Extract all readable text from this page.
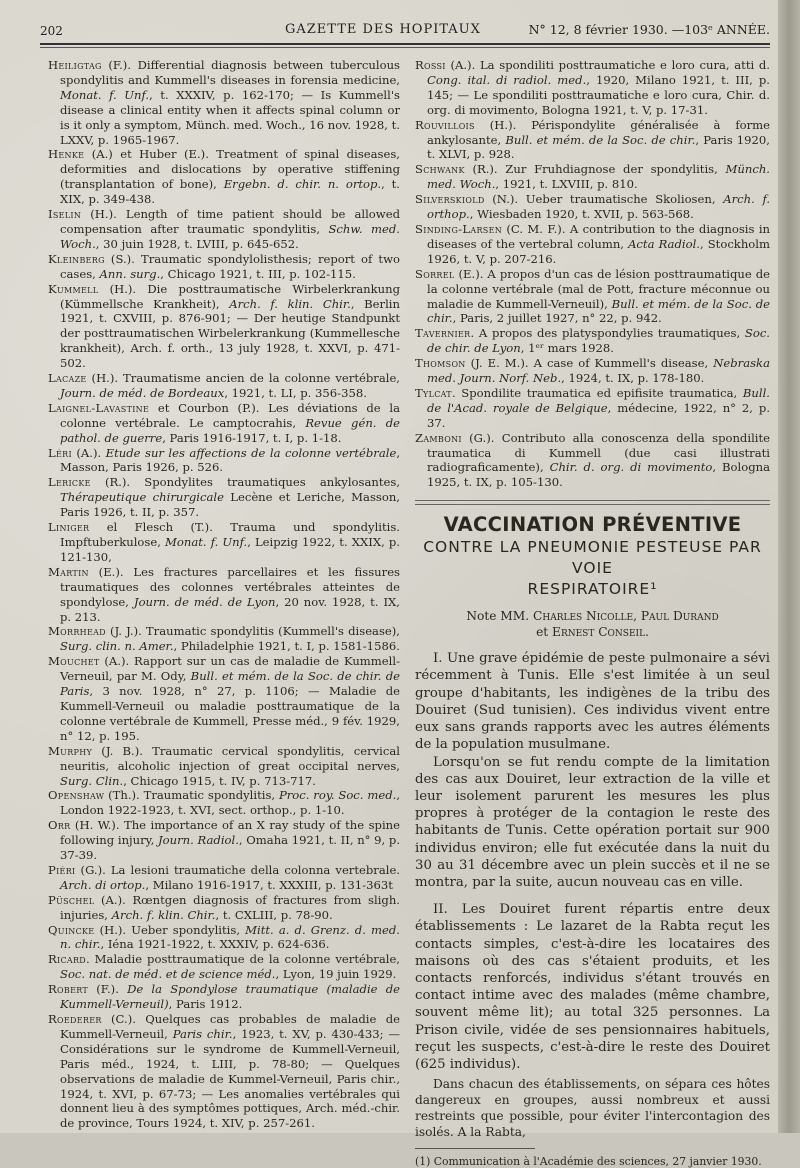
202	GAZETTE DES HOPITAUX	N° 12, 8 février 1930. —103ᵉ ANNÉE.

Heiligtag (F.). Differential diagnosis between tuberculous spondylitis and Kummell's diseases in forensia medicine, Monat. f. Unf., t. XXXIV, p. 162-170; — Is Kummell's disease a clinical entity when it affects spinal column or is it only a symptom, Münch. med. Woch., 16 nov. 1928, t. LXXV, p. 1965-1967.

Henke (A.) et Huber (E.). Treatment of spinal diseases, deformities and dislocations by operative stiffening (transplantation of bone), Ergebn. d. chir. n. ortop., t. XIX, p. 349-438.

Iselin (H.). Length of time patient should be allowed compensation after traumatic spondylitis, Schw. med. Woch., 30 juin 1928, t. LVIII, p. 645-652.

Kleinberg (S.). Traumatic spondylolisthesis; report of two cases, Ann. surg., Chicago 1921, t. III, p. 102-115.

Kummell (H.). Die posttraumatische Wirbelerkrankung (Kümmellsche Krankheit), Arch. f. klin. Chir., Berlin 1921, t. CXVIII, p. 876-901; — Der heutige Standpunkt der posttraumatischen Wirbelerkrankung (Kummellesche krankheit), Arch. f. orth., 13 july 1928, t. XXVI, p. 471-502.

Lacaze (H.). Traumatisme ancien de la colonne vertébrale, Journ. de méd. de Bordeaux, 1921, t. LI, p. 356-358.

Laignel-Lavastine et Courbon (P.). Les déviations de la colonne vertébrale. Le camptocrahis, Revue gén. de pathol. de guerre, Paris 1916-1917, t. I, p. 1-18.

Léri (A.). Etude sur les affections de la colonne vertébrale, Masson, Paris 1926, p. 526.

Lericke (R.). Spondylites traumatiques ankylosantes, Thérapeutique chirurgicale Lecène et Leriche, Masson, Paris 1926, t. II, p. 357.

Liniger el Flesch (T.). Trauma und spondylitis. Impftuberkulose, Monat. f. Unf., Leipzig 1922, t. XXIX, p. 121-130,

Martin (E.). Les fractures parcellaires et les fissures traumatiques des colonnes vertébrales atteintes de spondylose, Journ. de méd. de Lyon, 20 nov. 1928, t. IX, p. 213.

Morrhead (J. J.). Traumatic spondylitis (Kummell's disease), Surg. clin. n. Amer., Philadelphie 1921, t. I, p. 1581-1586.

Mouchet (A.). Rapport sur un cas de maladie de Kummell-Verneuil, par M. Ody, Bull. et mém. de la Soc. de chir. de Paris, 3 nov. 1928, n° 27, p. 1106; — Maladie de Kummell-Verneuil ou maladie posttraumatique de la colonne vertébrale de Kummell, Presse méd., 9 fév. 1929, n° 12, p. 195.

Murphy (J. B.). Traumatic cervical spondylitis, cervical neuritis, alcoholic injection of great occipital nerves, Surg. Clin., Chicago 1915, t. IV, p. 713-717.

Openshaw (Th.). Traumatic spondylitis, Proc. roy. Soc. med., London 1922-1923, t. XVI, sect. orthop., p. 1-10.

Orr (H. W.). The importance of an X ray study of the spine following injury, Journ. Radiol., Omaha 1921, t. II, n° 9, p. 37-39.

Piéri (G.). La lesioni traumatiche della colonna vertebrale. Arch. di ortop., Milano 1916-1917, t. XXXIII, p. 131-363t

Püschel (A.). Rœntgen diagnosis of fractures from sligh. injuries, Arch. f. klin. Chir., t. CXLIII, p. 78-90.

Quincke (H.). Ueber spondylitis, Mitt. a. d. Grenz. d. med. n. chir., Iéna 1921-1922, t. XXXIV, p. 624-636.

Ricard. Maladie posttraumatique de la colonne vertébrale, Soc. nat. de méd. et de science méd., Lyon, 19 juin 1929.

Robert (F.). De la Spondylose traumatique (maladie de Kummell-Verneuil), Paris 1912.

Roederer (C.). Quelques cas probables de maladie de Kummell-Verneuil, Paris chir., 1923, t. XV, p. 430-433; — Considérations sur le syndrome de Kummell-Verneuil, Paris méd., 1924, t. LIII, p. 78-80; — Quelques observations de maladie de Kummel-Verneuil, Paris chir., 1924, t. XVI, p. 67-73; — Les anomalies vertébrales qui donnent lieu à des symptômes pottiques, Arch. méd.-chir. de province, Tours 1924, t. XIV, p. 257-261.

Rossi (A.). La spondiliti posttraumatiche e loro cura, atti d. Cong. ital. di radiol. med., 1920, Milano 1921, t. III, p. 145; — Le spondiliti posttraumatiche e loro cura, Chir. d. org. di movimento, Bologna 1921, t. V, p. 17-31.

Rouvillois (H.). Périspondylite généralisée à forme ankylosante, Bull. et mém. de la Soc. de chir., Paris 1920, t. XLVI, p. 928.

Schwank (R.). Zur Fruhdiagnose der spondylitis, Münch. med. Woch., 1921, t. LXVIII, p. 810.

Silverskiold (N.). Ueber traumatische Skoliosen, Arch. f. orthop., Wiesbaden 1920, t. XVII, p. 563-568.

Sinding-Larsen (C. M. F.). A contribution to the diagnosis in diseases of the vertebral column, Acta Radiol., Stockholm 1926, t. V, p. 207-216.

Sorrel (E.). A propos d'un cas de lésion posttraumatique de la colonne vertébrale (mal de Pott, fracture méconnue ou maladie de Kummell-Verneuil), Bull. et mém. de la Soc. de chir., Paris, 2 juillet 1927, n° 22, p. 942.

Tavernier. A propos des platyspondylies traumatiques, Soc. de chir. de Lyon, 1ᵉʳ mars 1928.

Thomson (J. E. M.). A case of Kummell's disease, Nebraska med. Journ. Norf. Neb., 1924, t. IX, p. 178-180.

Tylcat. Spondilite traumatica ed epifisite traumatica, Bull. de l'Acad. royale de Belgique, médecine, 1922, n° 2, p. 37.

Zamboni (G.). Contributo alla conoscenza della spondilite traumatica di Kummell (due casi illustrati radiograficamente), Chir. d. org. di movimento, Bologna 1925, t. IX, p. 105-130.

VACCINATION PRÉVENTIVE
CONTRE LA PNEUMONIE PESTEUSE PAR VOIE
RESPIRATOIRE¹
Note MM. Charles Nicolle, Paul Durand
et Ernest Conseil.

I. Une grave épidémie de peste pulmonaire a sévi récemment à Tunis. Elle s'est limitée à un seul groupe d'habitants, les indigènes de la tribu des Douiret (Sud tunisien). Ces individus vivent entre eux sans grands rapports avec les autres éléments de la population musulmane.

Lorsqu'on se fut rendu compte de la limitation des cas aux Douiret, leur extraction de la ville et leur isolement parurent les mesures les plus propres à protéger de la contagion le reste des habitants de Tunis. Cette opération portait sur 900 individus environ; elle fut exécutée dans la nuit du 30 au 31 décembre avec un plein succès et il ne se montra, par la suite, aucun nouveau cas en ville.

II. Les Douiret furent répartis entre deux établissements : Le lazaret de la Rabta reçut les contacts simples, c'est-à-dire les locataires des maisons où des cas s'étaient produits, et les contacts renforcés, individus s'étant trouvés en contact intime avec des malades (même chambre, souvent même lit); au total 325 personnes. La Prison civile, vidée de ses pensionnaires habituels, reçut les suspects, c'est-à-dire le reste des Douiret (625 individus).

Dans chacun des établissements, on sépara ces hôtes dangereux en groupes, aussi nombreux et aussi restreints que possible, pour éviter l'intercontagion des isolés. A la Rabta,

(1) Communication à l'Académie des sciences, 27 janvier 1930.
